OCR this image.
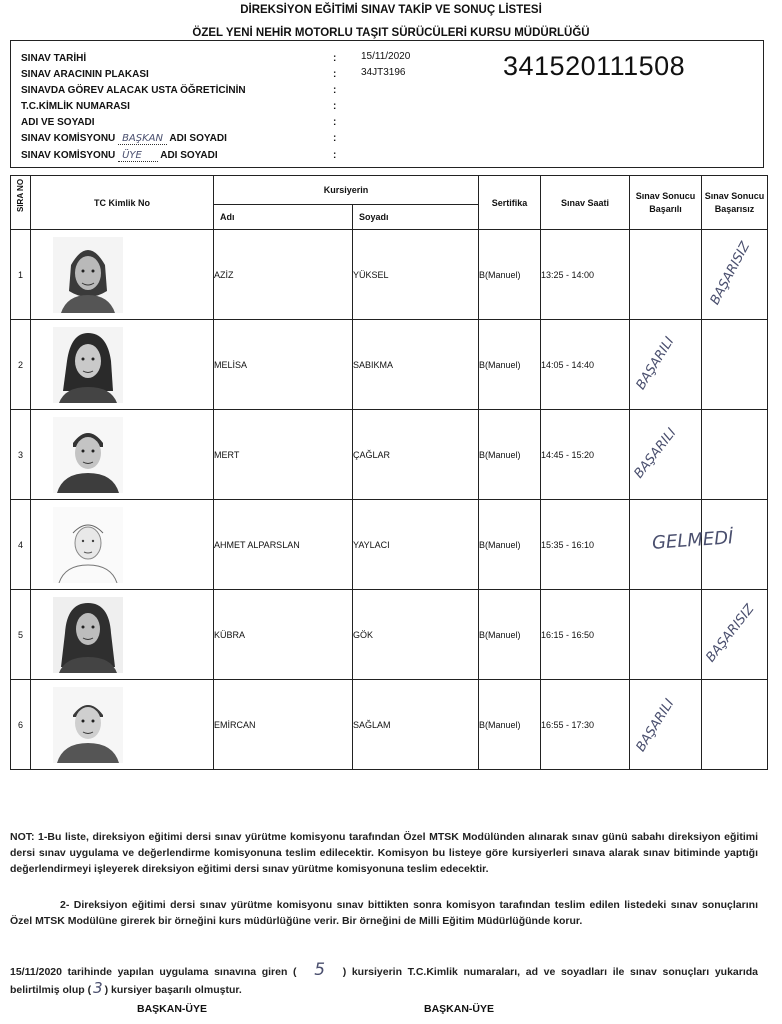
DİREKSİYON EĞİTİMİ SINAV TAKİP VE SONUÇ LİSTESİ
ÖZEL YENİ NEHİR MOTORLU TAŞIT SÜRÜCÜLERİ KURSU MÜDÜRLÜĞÜ
SINAV TARİHİ	: 15/11/2020
SINAV ARACININ PLAKASI	: 34JT3196
SINAVDA GÖREV ALACAK USTA ÖĞRETİCİNİN	:
T.C.KİMLİK NUMARASI	:
ADI VE SOYADI	:
SINAV KOMİSYONU BAŞKAN ADI SOYADI	:
SINAV KOMİSYONU ÜYE ADI SOYADI	:
341520111508
SIRA NO	TC Kimlik No	Kursiyerin		Sertifika	Sınav Saati	Sınav Sonucu Başarılı	Sınav Sonucu Başarısız
		Adı	Soyadı				
1		AZİZ	YÜKSEL	B(Manuel)	13:25 - 14:00		BAŞARISIZ

2		MELİSA	SABIKMA	B(Manuel)	14:05 - 14:40	BAŞARILI	

3		MERT	ÇAĞLAR	B(Manuel)	14:45 - 15:20	BAŞARILI	

4		AHMET ALPARSLAN	YAYLACI	B(Manuel)	15:35 - 16:10	GELMEDİ	

5		KÜBRA	GÖK	B(Manuel)	16:15 - 16:50		BAŞARISIZ

6		EMİRCAN	SAĞLAM	B(Manuel)	16:55 - 17:30	BAŞARILI	

NOT: 1-Bu liste, direksiyon eğitimi dersi sınav yürütme komisyonu tarafından Özel MTSK Modülünden alınarak sınav günü sabahı direksiyon eğitimi dersi sınav uygulama ve değerlendirme komisyonuna teslim edilecektir. Komisyon bu listeye göre kursiyerleri sınava alarak sınav bitiminde yaptığı değerlendirmeyi işleyerek direksiyon eğitimi dersi sınav yürütme komisyonuna teslim edecektir.
2- Direksiyon eğitimi dersi sınav yürütme komisyonu sınav bittikten sonra komisyon tarafından teslim edilen listedeki sınav sonuçlarını Özel MTSK Modülüne girerek bir örneğini kurs müdürlüğüne verir. Bir örneğini de Milli Eğitim Müdürlüğünde korur.
15/11/2020 tarihinde yapılan uygulama sınavına giren ( 5 ) kursiyerin T.C.Kimlik numaraları, ad ve soyadları ile sınav sonuçları yukarıda belirtilmiş olup ( 3 ) kursiyer başarılı olmuştur.
BAŞKAN-ÜYE	BAŞKAN-ÜYE
